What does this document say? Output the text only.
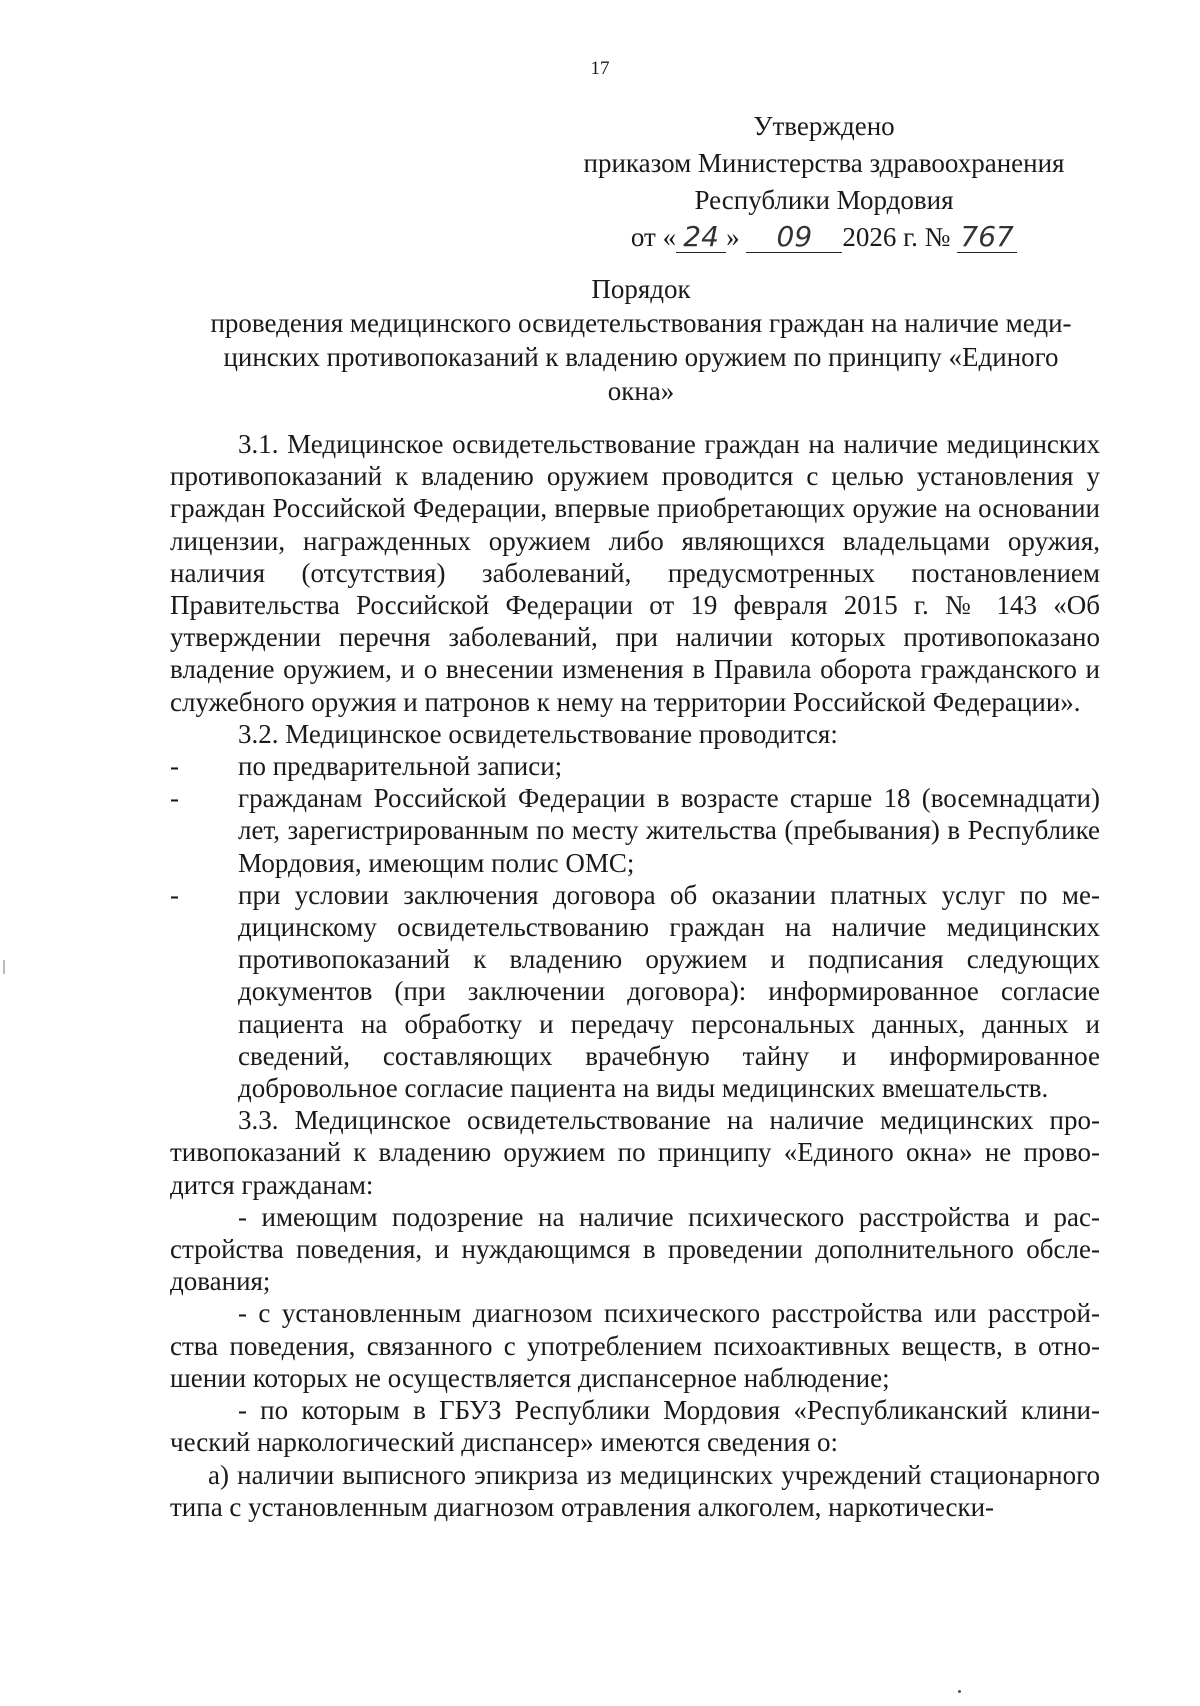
17
Утверждено
приказом Министерства здравоохранения
Республики Мордовия
от « 24 » 09 2026 г. № 767
Порядок
проведения медицинского освидетельствования граждан на наличие меди-
цинских противопоказаний к владению оружием по принципу «Единого
окна»

3.1. Медицинское освидетельствование граждан на наличие медицинских противопоказаний к владению оружием проводится с целью установления у граждан Российской Федерации, впервые приобретающих оружие на основании лицензии, награжденных оружием либо являющихся владельцами оружия, наличия (отсутствия) заболеваний, предусмотренных постановлением Правительства Российской Федерации от 19 февраля 2015 г. № 143 «Об утверждении перечня заболеваний, при наличии которых противопоказано владение оружием, и о внесении изменения в Правила оборота гражданского и служебного оружия и патронов к нему на территории Российской Федерации».

3.2. Медицинское освидетельствование проводится:

-	по предварительной записи;
-	гражданам Российской Федерации в возрасте старше 18 (восемнадцати) лет, зарегистрированным по месту жительства (пребывания) в Республике Мордовия, имеющим полис ОМС;
-	при условии заключения договора об оказании платных услуг по медицинскому освидетельствованию граждан на наличие медицинских противопоказаний к владению оружием и подписания следующих документов (при заключении договора): информированное согласие пациента на обработку и передачу персональных данных, данных и сведений, составляющих врачебную тайну и информированное добровольное согласие пациента на виды медицинских вмешательств.

3.3. Медицинское освидетельствование на наличие медицинских противопоказаний к владению оружием по принципу «Единого окна» не проводится гражданам:

- имеющим подозрение на наличие психического расстройства и расстройства поведения, и нуждающимся в проведении дополнительного обследования;

- с установленным диагнозом психического расстройства или расстройства поведения, связанного с употреблением психоактивных веществ, в отношении которых не осуществляется диспансерное наблюдение;

- по которым в ГБУЗ Республики Мордовия «Республиканский клинический наркологический диспансер» имеются сведения о:

а) наличии выписного эпикриза из медицинских учреждений стационарного типа с установленным диагнозом отравления алкоголем, наркотически-
